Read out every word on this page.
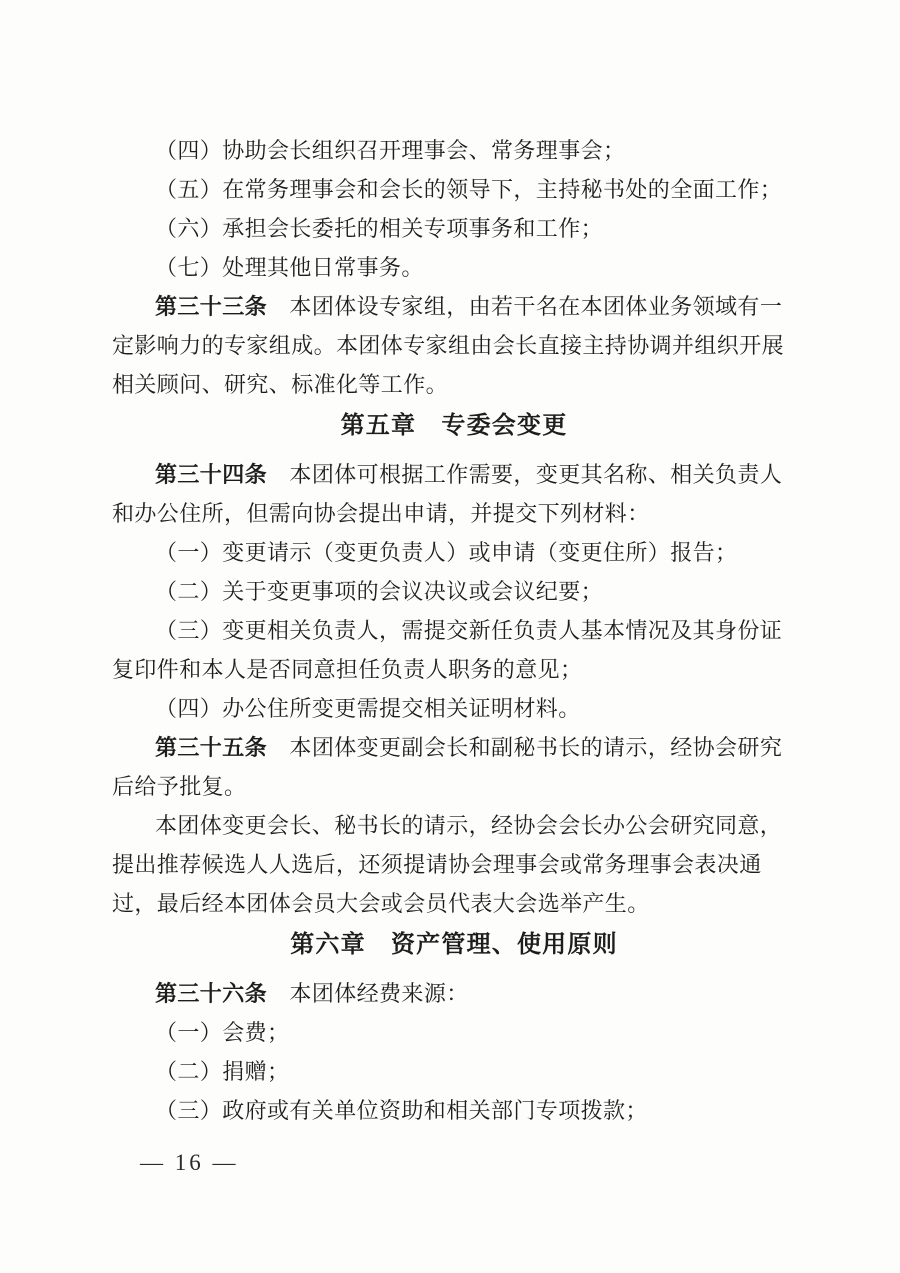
（四）协助会长组织召开理事会、常务理事会；
（五）在常务理事会和会长的领导下，主持秘书处的全面工作；
（六）承担会长委托的相关专项事务和工作；
（七）处理其他日常事务。
第三十三条　本团体设专家组，由若干名在本团体业务领域有一
定影响力的专家组成。本团体专家组由会长直接主持协调并组织开展
相关顾问、研究、标准化等工作。
第五章　专委会变更
第三十四条　本团体可根据工作需要，变更其名称、相关负责人
和办公住所，但需向协会提出申请，并提交下列材料：
（一）变更请示（变更负责人）或申请（变更住所）报告；
（二）关于变更事项的会议决议或会议纪要；
（三）变更相关负责人，需提交新任负责人基本情况及其身份证
复印件和本人是否同意担任负责人职务的意见；
（四）办公住所变更需提交相关证明材料。
第三十五条　本团体变更副会长和副秘书长的请示，经协会研究
后给予批复。
本团体变更会长、秘书长的请示，经协会会长办公会研究同意，
提出推荐候选人人选后，还须提请协会理事会或常务理事会表决通
过，最后经本团体会员大会或会员代表大会选举产生。
第六章　资产管理、使用原则
第三十六条　本团体经费来源：
（一）会费；
（二）捐赠；
（三）政府或有关单位资助和相关部门专项拨款；
— 16 —
